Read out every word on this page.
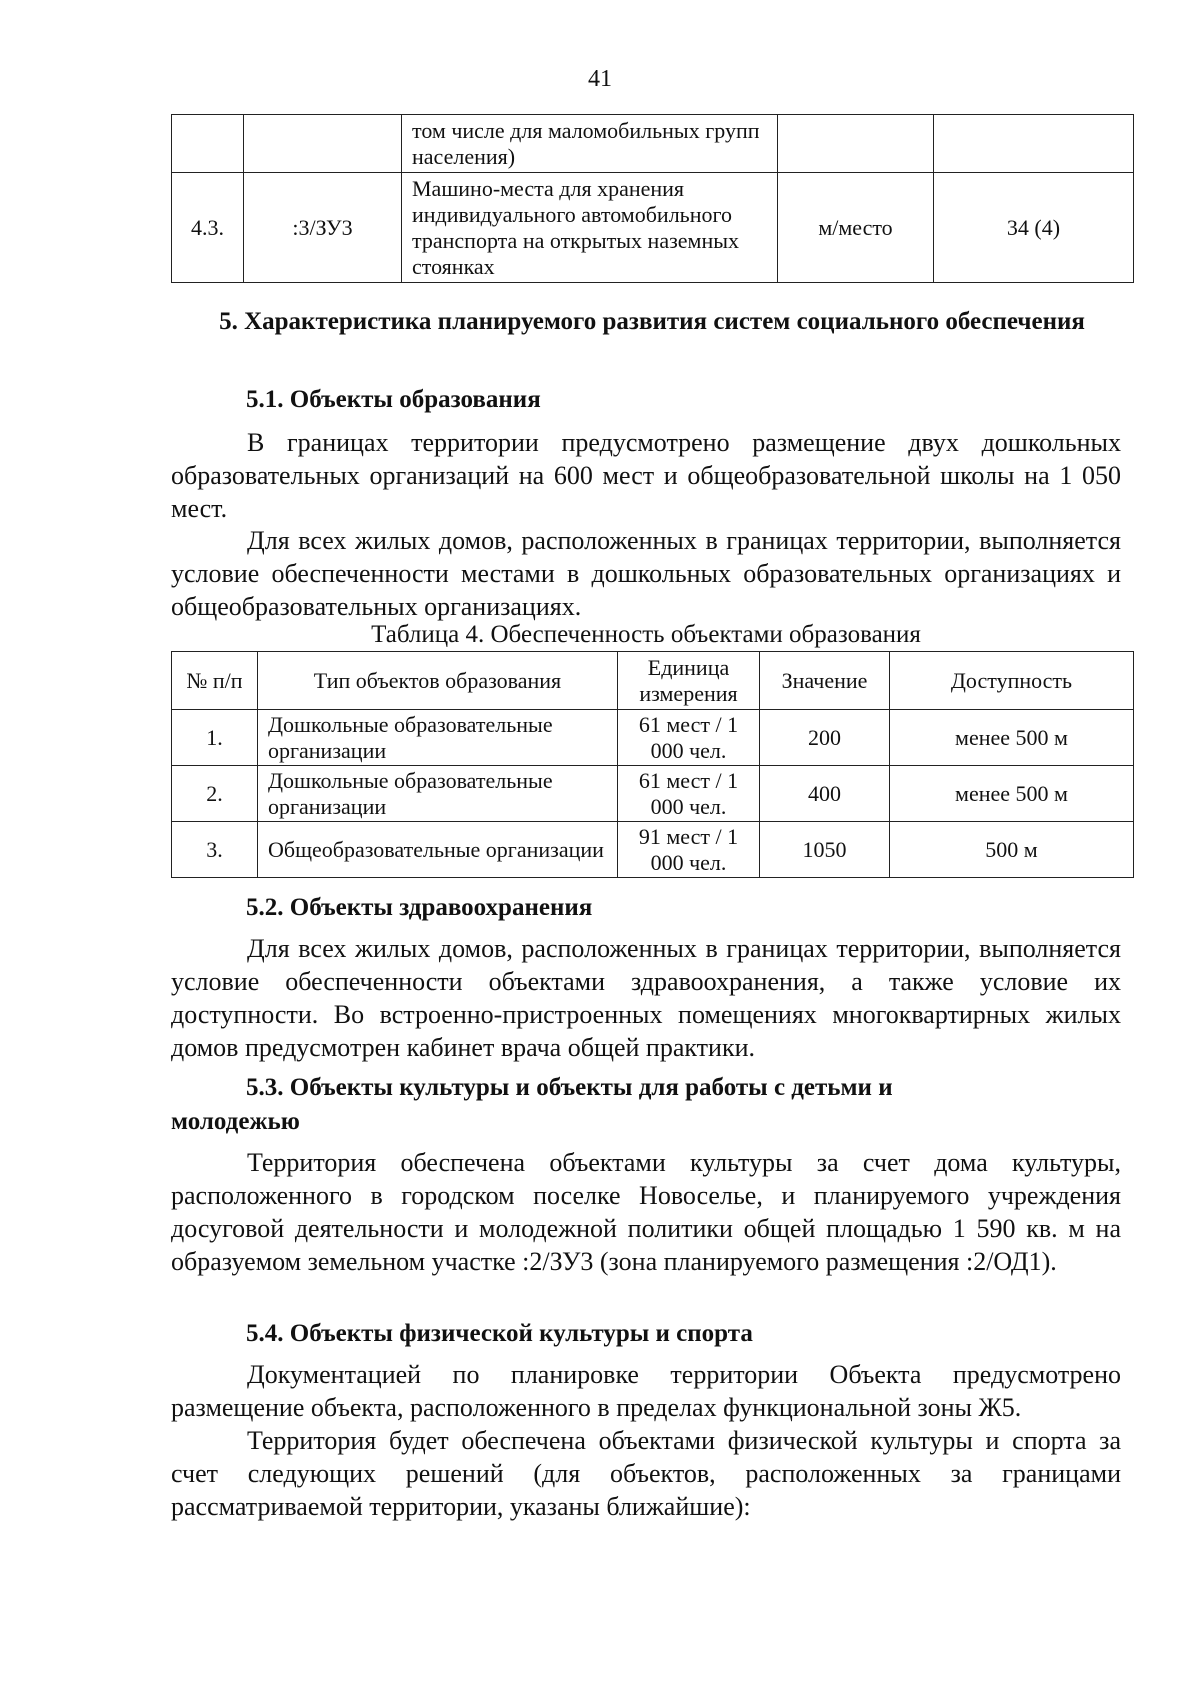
41
		том числе для маломобильных групп населения)		
4.3.	:3/ЗУ3	Машино-места для хранения индивидуального автомобильного транспорта на открытых наземных стоянках	м/место	34 (4)
5. Характеристика планируемого развития систем социального обеспечения
5.1. Объекты образования
В границах территории предусмотрено размещение двух дошкольных образовательных организаций на 600 мест и общеобразовательной школы на 1 050 мест.
Для всех жилых домов, расположенных в границах территории, выполняется условие обеспеченности местами в дошкольных образовательных организациях и общеобразовательных организациях.
Таблица 4. Обеспеченность объектами образования
№ п/п	Тип объектов образования	Единица измерения	Значение	Доступность
1.	Дошкольные образовательные организации	61 мест / 1 000 чел.	200	менее 500 м
2.	Дошкольные образовательные организации	61 мест / 1 000 чел.	400	менее 500 м
3.	Общеобразовательные организации	91 мест / 1 000 чел.	1050	500 м
5.2. Объекты здравоохранения
Для всех жилых домов, расположенных в границах территории, выполняется условие обеспеченности объектами здравоохранения, а также условие их доступности. Во встроенно-пристроенных помещениях многоквартирных жилых домов предусмотрен кабинет врача общей практики.
5.3. Объекты культуры и объекты для работы с детьми и
молодежью
Территория обеспечена объектами культуры за счет дома культуры, расположенного в городском поселке Новоселье, и планируемого учреждения досуговой деятельности и молодежной политики общей площадью 1 590 кв. м на образуемом земельном участке :2/ЗУ3 (зона планируемого размещения :2/ОД1).
5.4. Объекты физической культуры и спорта
Документацией по планировке территории Объекта предусмотрено размещение объекта, расположенного в пределах функциональной зоны Ж5.
Территория будет обеспечена объектами физической культуры и спорта за счет следующих решений (для объектов, расположенных за границами рассматриваемой территории, указаны ближайшие):
